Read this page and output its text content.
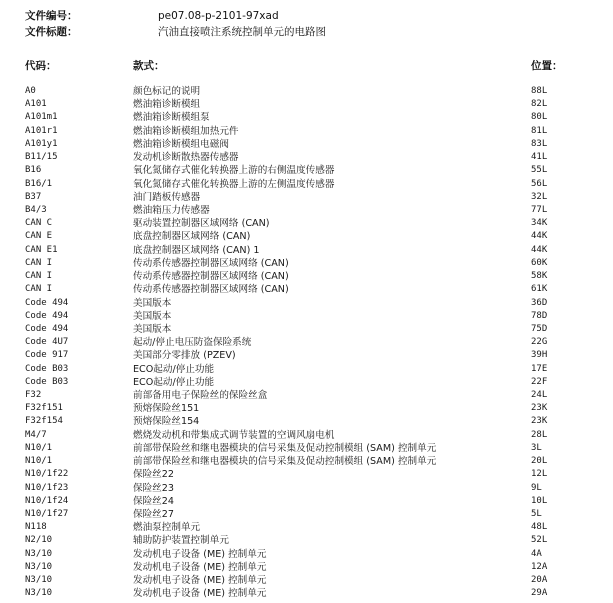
文件编号：	pe07.08-p-2101-97xad
文件标题：	汽油直接喷注系统控制单元的电路图
代码：	款式：	位置：
A0	颜色标记的说明	88L
A101	燃油箱诊断模组	82L
A101m1	燃油箱诊断模组泵	80L
A101r1	燃油箱诊断模组加热元件	81L
A101y1	燃油箱诊断模组电磁阀	83L
B11/15	发动机诊断散热器传感器	41L
B16	氧化氮储存式催化转换器上游的右侧温度传感器	55L
B16/1	氧化氮储存式催化转换器上游的左侧温度传感器	56L
B37	油门踏板传感器	32L
B4/3	燃油箱压力传感器	77L
CAN C	驱动装置控制器区域网络 (CAN)	34K
CAN E	底盘控制器区域网络 (CAN)	44K
CAN E1	底盘控制器区域网络 (CAN) 1	44K
CAN I	传动系传感器控制器区域网络 (CAN)	60K
CAN I	传动系传感器控制器区域网络 (CAN)	58K
CAN I	传动系传感器控制器区域网络 (CAN)	61K
Code 494	美国版本	36D
Code 494	美国版本	78D
Code 494	美国版本	75D
Code 4U7	起动/停止电压防盗保险系统	22G
Code 917	美国部分零排放 (PZEV)	39H
Code B03	ECO起动/停止功能	17E
Code B03	ECO起动/停止功能	22F
F32	前部备用电子保险丝的保险丝盒	24L
F32f151	预熔保险丝151	23K
F32f154	预熔保险丝154	23K
M4/7	燃烧发动机和带集成式调节装置的空调风扇电机	28L
N10/1	前部带保险丝和继电器模块的信号采集及促动控制模组 (SAM) 控制单元	3L
N10/1	前部带保险丝和继电器模块的信号采集及促动控制模组 (SAM) 控制单元	20L
N10/1f22	保险丝22	12L
N10/1f23	保险丝23	9L
N10/1f24	保险丝24	10L
N10/1f27	保险丝27	5L
N118	燃油泵控制单元	48L
N2/10	辅助防护装置控制单元	52L
N3/10	发动机电子设备 (ME) 控制单元	4A
N3/10	发动机电子设备 (ME) 控制单元	12A
N3/10	发动机电子设备 (ME) 控制单元	20A
N3/10	发动机电子设备 (ME) 控制单元	29A
